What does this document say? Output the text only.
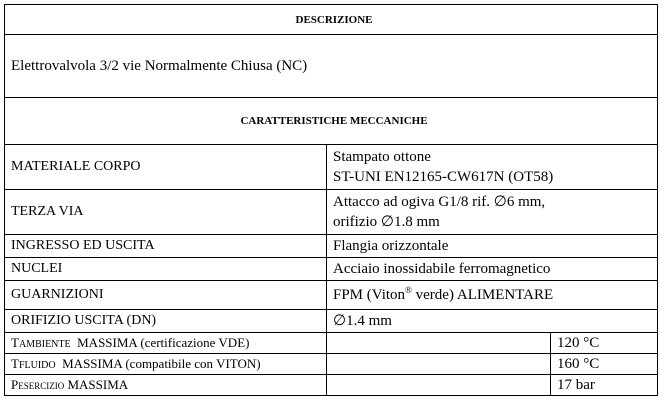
DESCRIZIONE		
Elettrovalvola 3/2 vie Normalmente Chiusa (NC)		
CARATTERISTICHE MECCANICHE		
MATERIALE CORPO	Stampato ottone
ST-UNI EN12165-CW617N (OT58)	

TERZA VIA	Attacco ad ogiva G1/8 rif. ∅6 mm,
orifizio ∅1.8 mm	

INGRESSO ED USCITA	Flangia orizzontale	
NUCLEI	Acciaio inossidabile ferromagnetico	
GUARNIZIONI	FPM (Viton® verde) ALIMENTARE	
ORIFIZIO USCITA (DN)	∅1.4 mm	
TAMBIENTE  MASSIMA (certificazione VDE)		120 °C
TFLUIDO  MASSIMA (compatibile con VITON)		160 °C
PESERCIZIO MASSIMA		17 bar
